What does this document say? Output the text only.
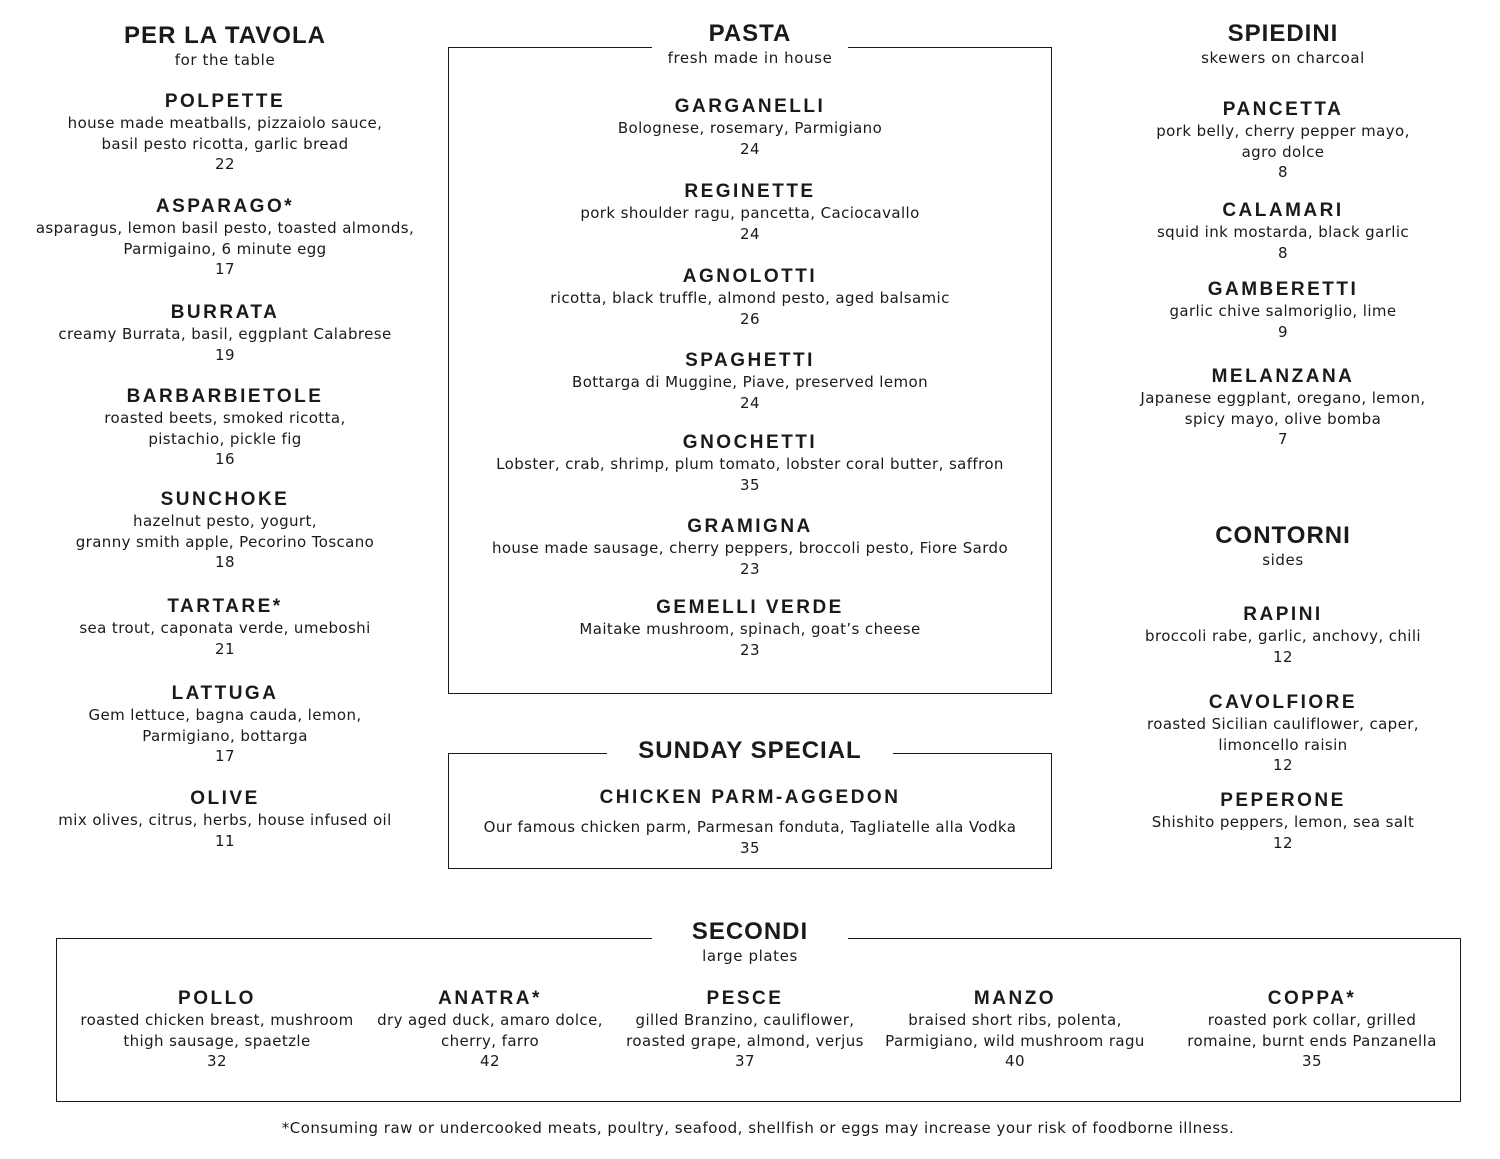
PER LA TAVOLA
for the table
POLPETTE
house made meatballs, pizzaiolo sauce,
basil pesto ricotta, garlic bread
22
ASPARAGO*
asparagus, lemon basil pesto, toasted almonds,
Parmigaino, 6 minute egg
17
BURRATA
creamy Burrata, basil, eggplant Calabrese
19
BARBARBIETOLE
roasted beets, smoked ricotta,
pistachio, pickle fig
16
SUNCHOKE
hazelnut pesto, yogurt,
granny smith apple, Pecorino Toscano
18
TARTARE*
sea trout, caponata verde, umeboshi
21
LATTUGA
Gem lettuce, bagna cauda, lemon,
Parmigiano, bottarga
17
OLIVE
mix olives, citrus, herbs, house infused oil
11
PASTA
fresh made in house
GARGANELLI
Bolognese, rosemary, Parmigiano
24
REGINETTE
pork shoulder ragu, pancetta, Caciocavallo
24
AGNOLOTTI
ricotta, black truffle, almond pesto, aged balsamic
26
SPAGHETTI
Bottarga di Muggine, Piave, preserved lemon
24
GNOCHETTI
Lobster, crab, shrimp, plum tomato, lobster coral butter, saffron
35
GRAMIGNA
house made sausage, cherry peppers, broccoli pesto, Fiore Sardo
23
GEMELLI VERDE
Maitake mushroom, spinach, goat’s cheese
23
SUNDAY SPECIAL
CHICKEN PARM-AGGEDON
Our famous chicken parm, Parmesan fonduta, Tagliatelle alla Vodka
35
SPIEDINI
skewers on charcoal
PANCETTA
pork belly, cherry pepper mayo,
agro dolce
8
CALAMARI
squid ink mostarda, black garlic
8
GAMBERETTI
garlic chive salmoriglio, lime
9
MELANZANA
Japanese eggplant, oregano, lemon,
spicy mayo, olive bomba
7
CONTORNI
sides
RAPINI
broccoli rabe, garlic, anchovy, chili
12
CAVOLFIORE
roasted Sicilian cauliflower, caper,
limoncello raisin
12
PEPERONE
Shishito peppers, lemon, sea salt
12
SECONDI
large plates
POLLO
roasted chicken breast, mushroom
thigh sausage, spaetzle
32
ANATRA*
dry aged duck, amaro dolce,
cherry, farro
42
PESCE
gilled Branzino, cauliflower,
roasted grape, almond, verjus
37
MANZO
braised short ribs, polenta,
Parmigiano, wild mushroom ragu
40
COPPA*
roasted pork collar, grilled
romaine, burnt ends Panzanella
35
*Consuming raw or undercooked meats, poultry, seafood, shellfish or eggs may increase your risk of foodborne illness.
